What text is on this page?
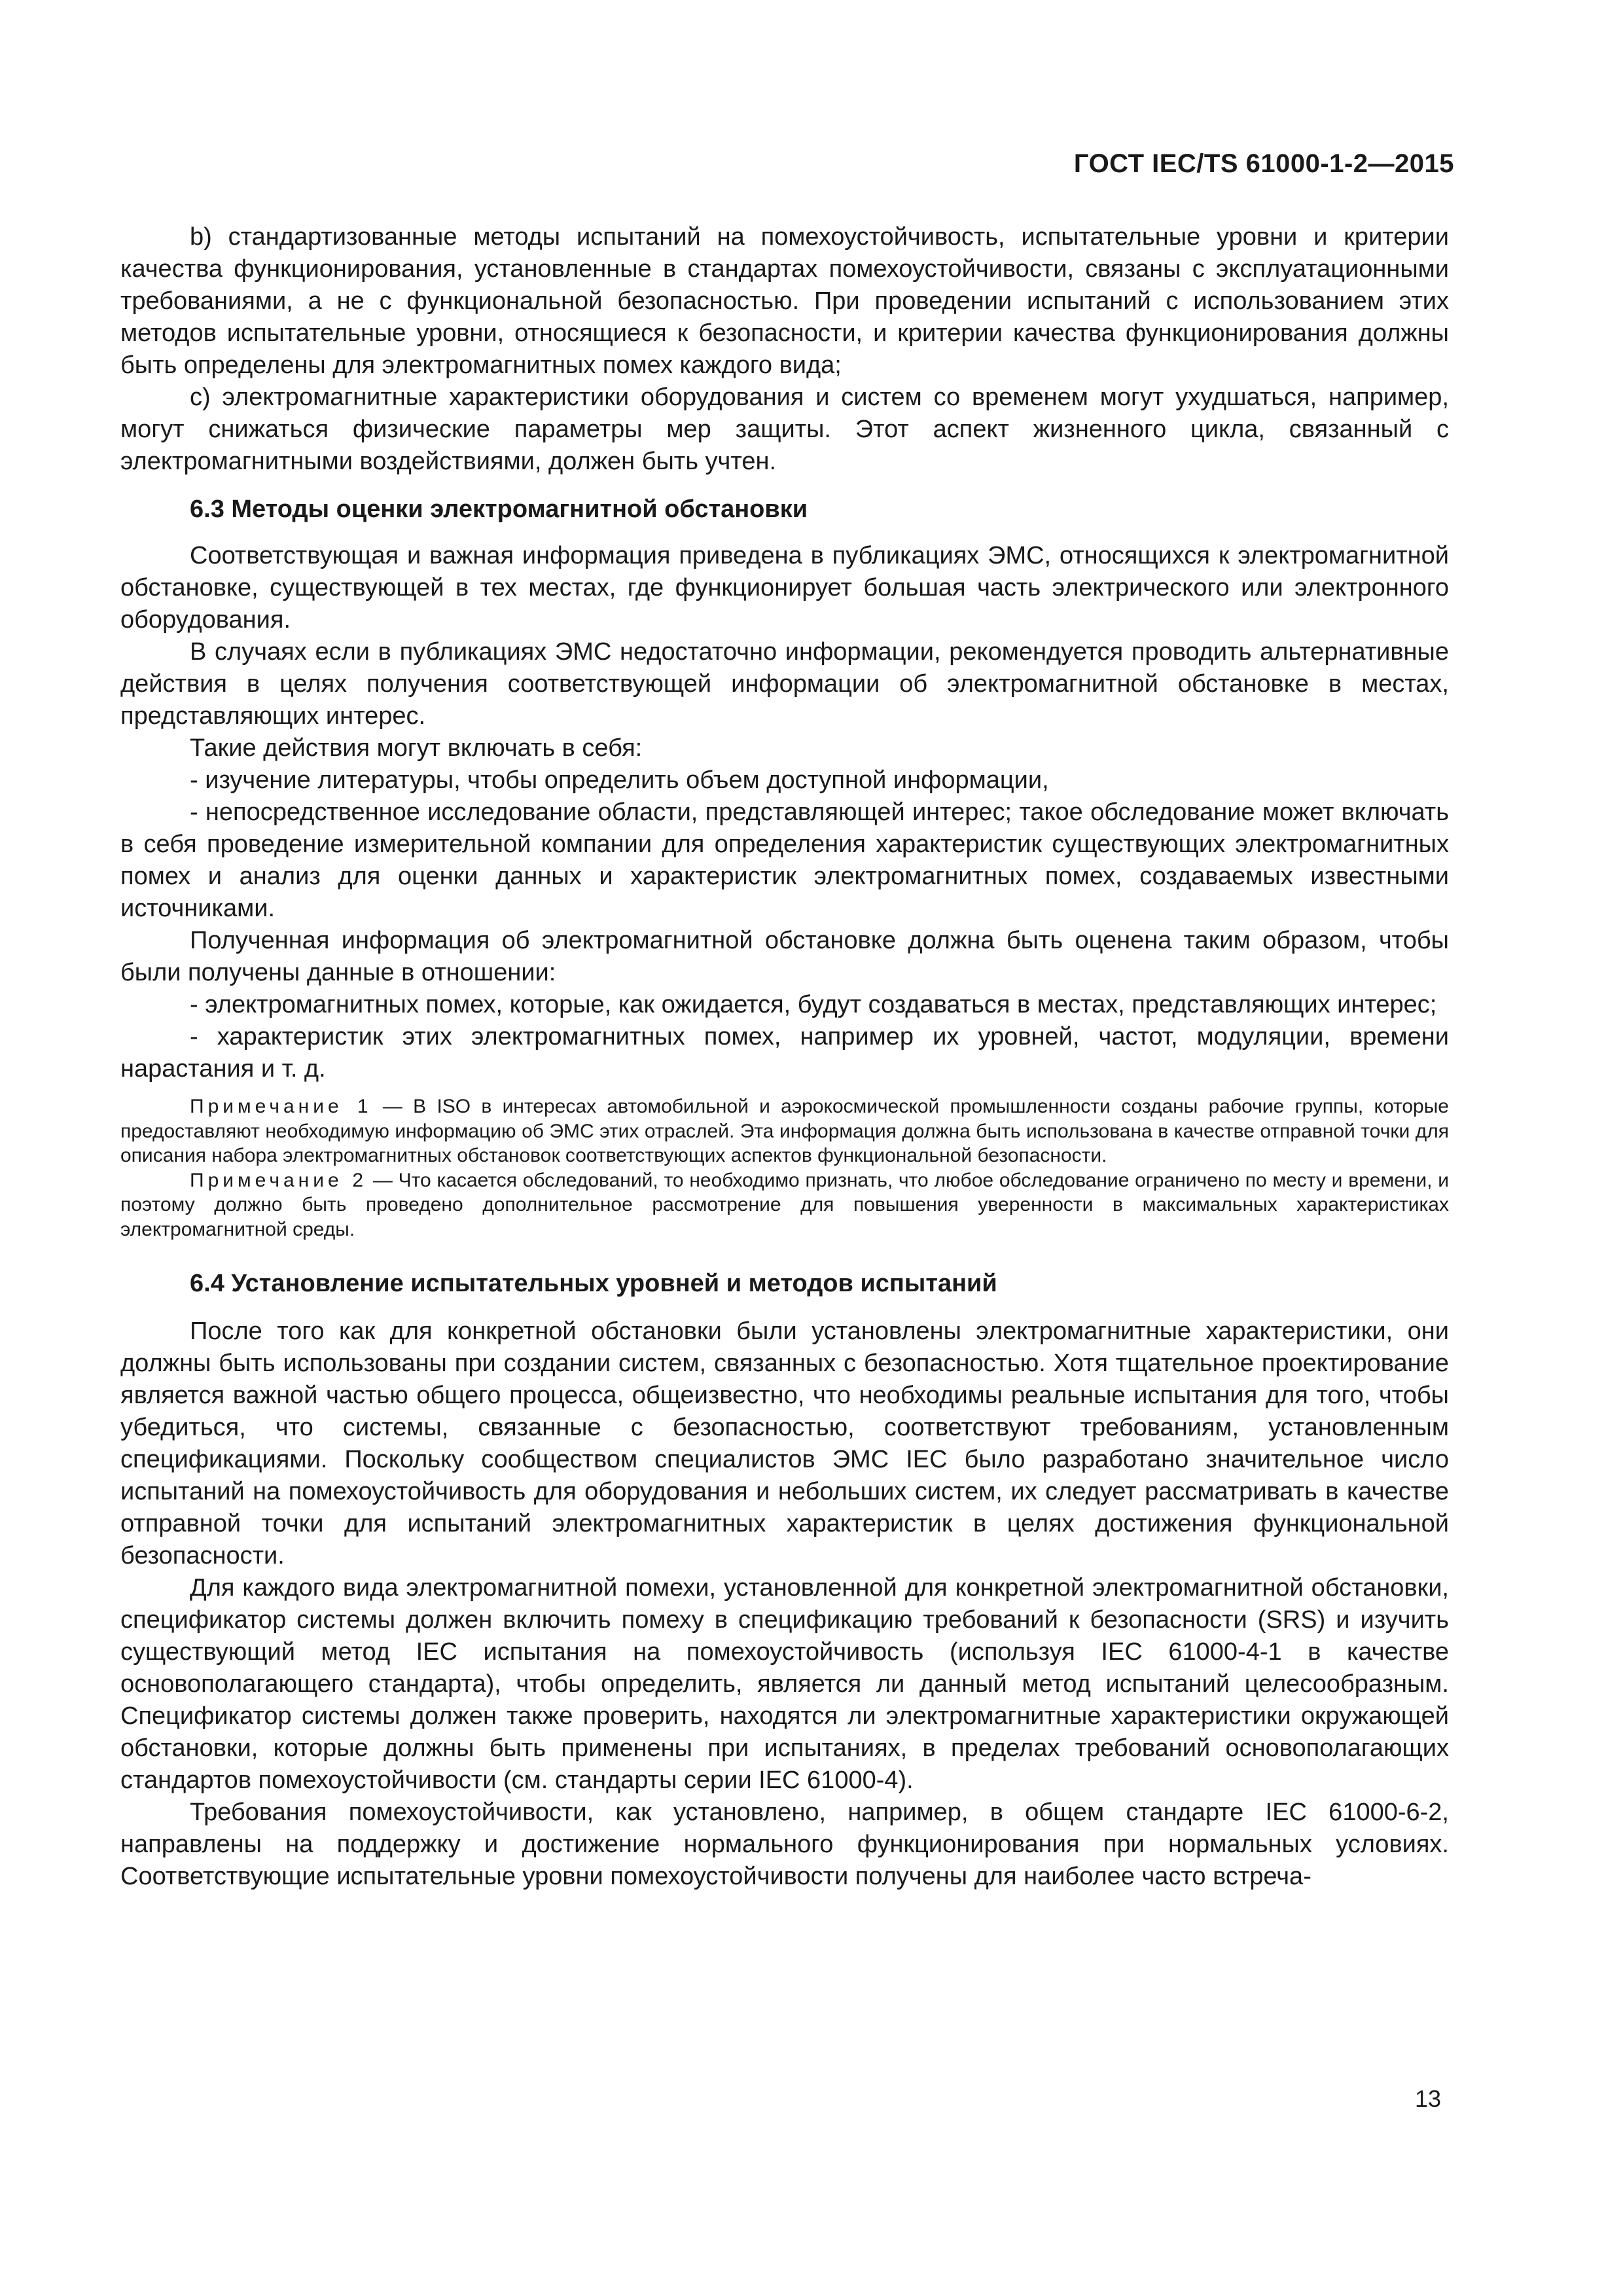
ГОСТ IEC/TS 61000-1-2—2015

b) стандартизованные методы испытаний на помехоустойчивость, испытательные уровни и критерии качества функционирования, установленные в стандартах помехоустойчивости, связаны с эксплуатационными требованиями, а не с функциональной безопасностью. При проведении испытаний с использованием этих методов испытательные уровни, относящиеся к безопасности, и критерии качества функционирования должны быть определены для электромагнитных помех каждого вида;

c) электромагнитные характеристики оборудования и систем со временем могут ухудшаться, например, могут снижаться физические параметры мер защиты. Этот аспект жизненного цикла, связанный с электромагнитными воздействиями, должен быть учтен.

6.3 Методы оценки электромагнитной обстановки

Соответствующая и важная информация приведена в публикациях ЭМС, относящихся к электромагнитной обстановке, существующей в тех местах, где функционирует большая часть электрического или электронного оборудования.

В случаях если в публикациях ЭМС недостаточно информации, рекомендуется проводить альтернативные действия в целях получения соответствующей информации об электромагнитной обстановке в местах, представляющих интерес.

Такие действия могут включать в себя:

- изучение литературы, чтобы определить объем доступной информации,

- непосредственное исследование области, представляющей интерес; такое обследование может включать в себя проведение измерительной компании для определения характеристик существующих электромагнитных помех и анализ для оценки данных и характеристик электромагнитных помех, создаваемых известными источниками.

Полученная информация об электромагнитной обстановке должна быть оценена таким образом, чтобы были получены данные в отношении:

- электромагнитных помех, которые, как ожидается, будут создаваться в местах, представляющих интерес;

- характеристик этих электромагнитных помех, например их уровней, частот, модуляции, времени нарастания и т. д.

Примечание 1 — В ISO в интересах автомобильной и аэрокосмической промышленности созданы рабочие группы, которые предоставляют необходимую информацию об ЭМС этих отраслей. Эта информация должна быть использована в качестве отправной точки для описания набора электромагнитных обстановок соответствующих аспектов функциональной безопасности.

Примечание 2 — Что касается обследований, то необходимо признать, что любое обследование ограничено по месту и времени, и поэтому должно быть проведено дополнительное рассмотрение для повышения уверенности в максимальных характеристиках электромагнитной среды.

6.4 Установление испытательных уровней и методов испытаний

После того как для конкретной обстановки были установлены электромагнитные характеристики, они должны быть использованы при создании систем, связанных с безопасностью. Хотя тщательное проектирование является важной частью общего процесса, общеизвестно, что необходимы реальные испытания для того, чтобы убедиться, что системы, связанные с безопасностью, соответствуют требованиям, установленным спецификациями. Поскольку сообществом специалистов ЭМС IEC было разработано значительное число испытаний на помехоустойчивость для оборудования и небольших систем, их следует рассматривать в качестве отправной точки для испытаний электромагнитных характеристик в целях достижения функциональной безопасности.

Для каждого вида электромагнитной помехи, установленной для конкретной электромагнитной обстановки, спецификатор системы должен включить помеху в спецификацию требований к безопасности (SRS) и изучить существующий метод IEC испытания на помехоустойчивость (используя IEC 61000-4-1 в качестве основополагающего стандарта), чтобы определить, является ли данный метод испытаний целесообразным. Спецификатор системы должен также проверить, находятся ли электромагнитные характеристики окружающей обстановки, которые должны быть применены при испытаниях, в пределах требований основополагающих стандартов помехоустойчивости (см. стандарты серии IEC 61000-4).

Требования помехоустойчивости, как установлено, например, в общем стандарте IEC 61000-6-2, направлены на поддержку и достижение нормального функционирования при нормальных условиях. Соответствующие испытательные уровни помехоустойчивости получены для наиболее часто встреча-

13
